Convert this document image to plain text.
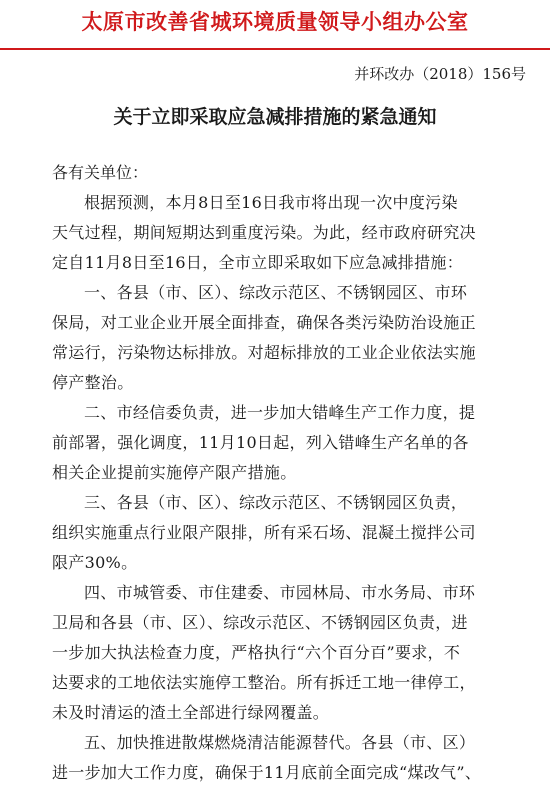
太原市改善省城环境质量领导小组办公室
并环改办（2018）156号
关于立即采取应急减排措施的紧急通知
各有关单位：
根据预测，本月8日至16日我市将出现一次中度污染
天气过程，期间短期达到重度污染。为此，经市政府研究决
定自11月8日至16日，全市立即采取如下应急减排措施：
一、各县（市、区）、综改示范区、不锈钢园区、市环
保局，对工业企业开展全面排查，确保各类污染防治设施正
常运行，污染物达标排放。对超标排放的工业企业依法实施
停产整治。
二、市经信委负责，进一步加大错峰生产工作力度，提
前部署，强化调度，11月10日起，列入错峰生产名单的各
相关企业提前实施停产限产措施。
三、各县（市、区）、综改示范区、不锈钢园区负责，
组织实施重点行业限产限排，所有采石场、混凝土搅拌公司
限产30%。
四、市城管委、市住建委、市园林局、市水务局、市环
卫局和各县（市、区）、综改示范区、不锈钢园区负责，进
一步加大执法检查力度，严格执行“六个百分百”要求，不
达要求的工地依法实施停工整治。所有拆迁工地一律停工，
未及时清运的渣土全部进行绿网覆盖。
五、加快推进散煤燃烧清洁能源替代。各县（市、区）
进一步加大工作力度，确保于11月底前全面完成“煤改气”、
